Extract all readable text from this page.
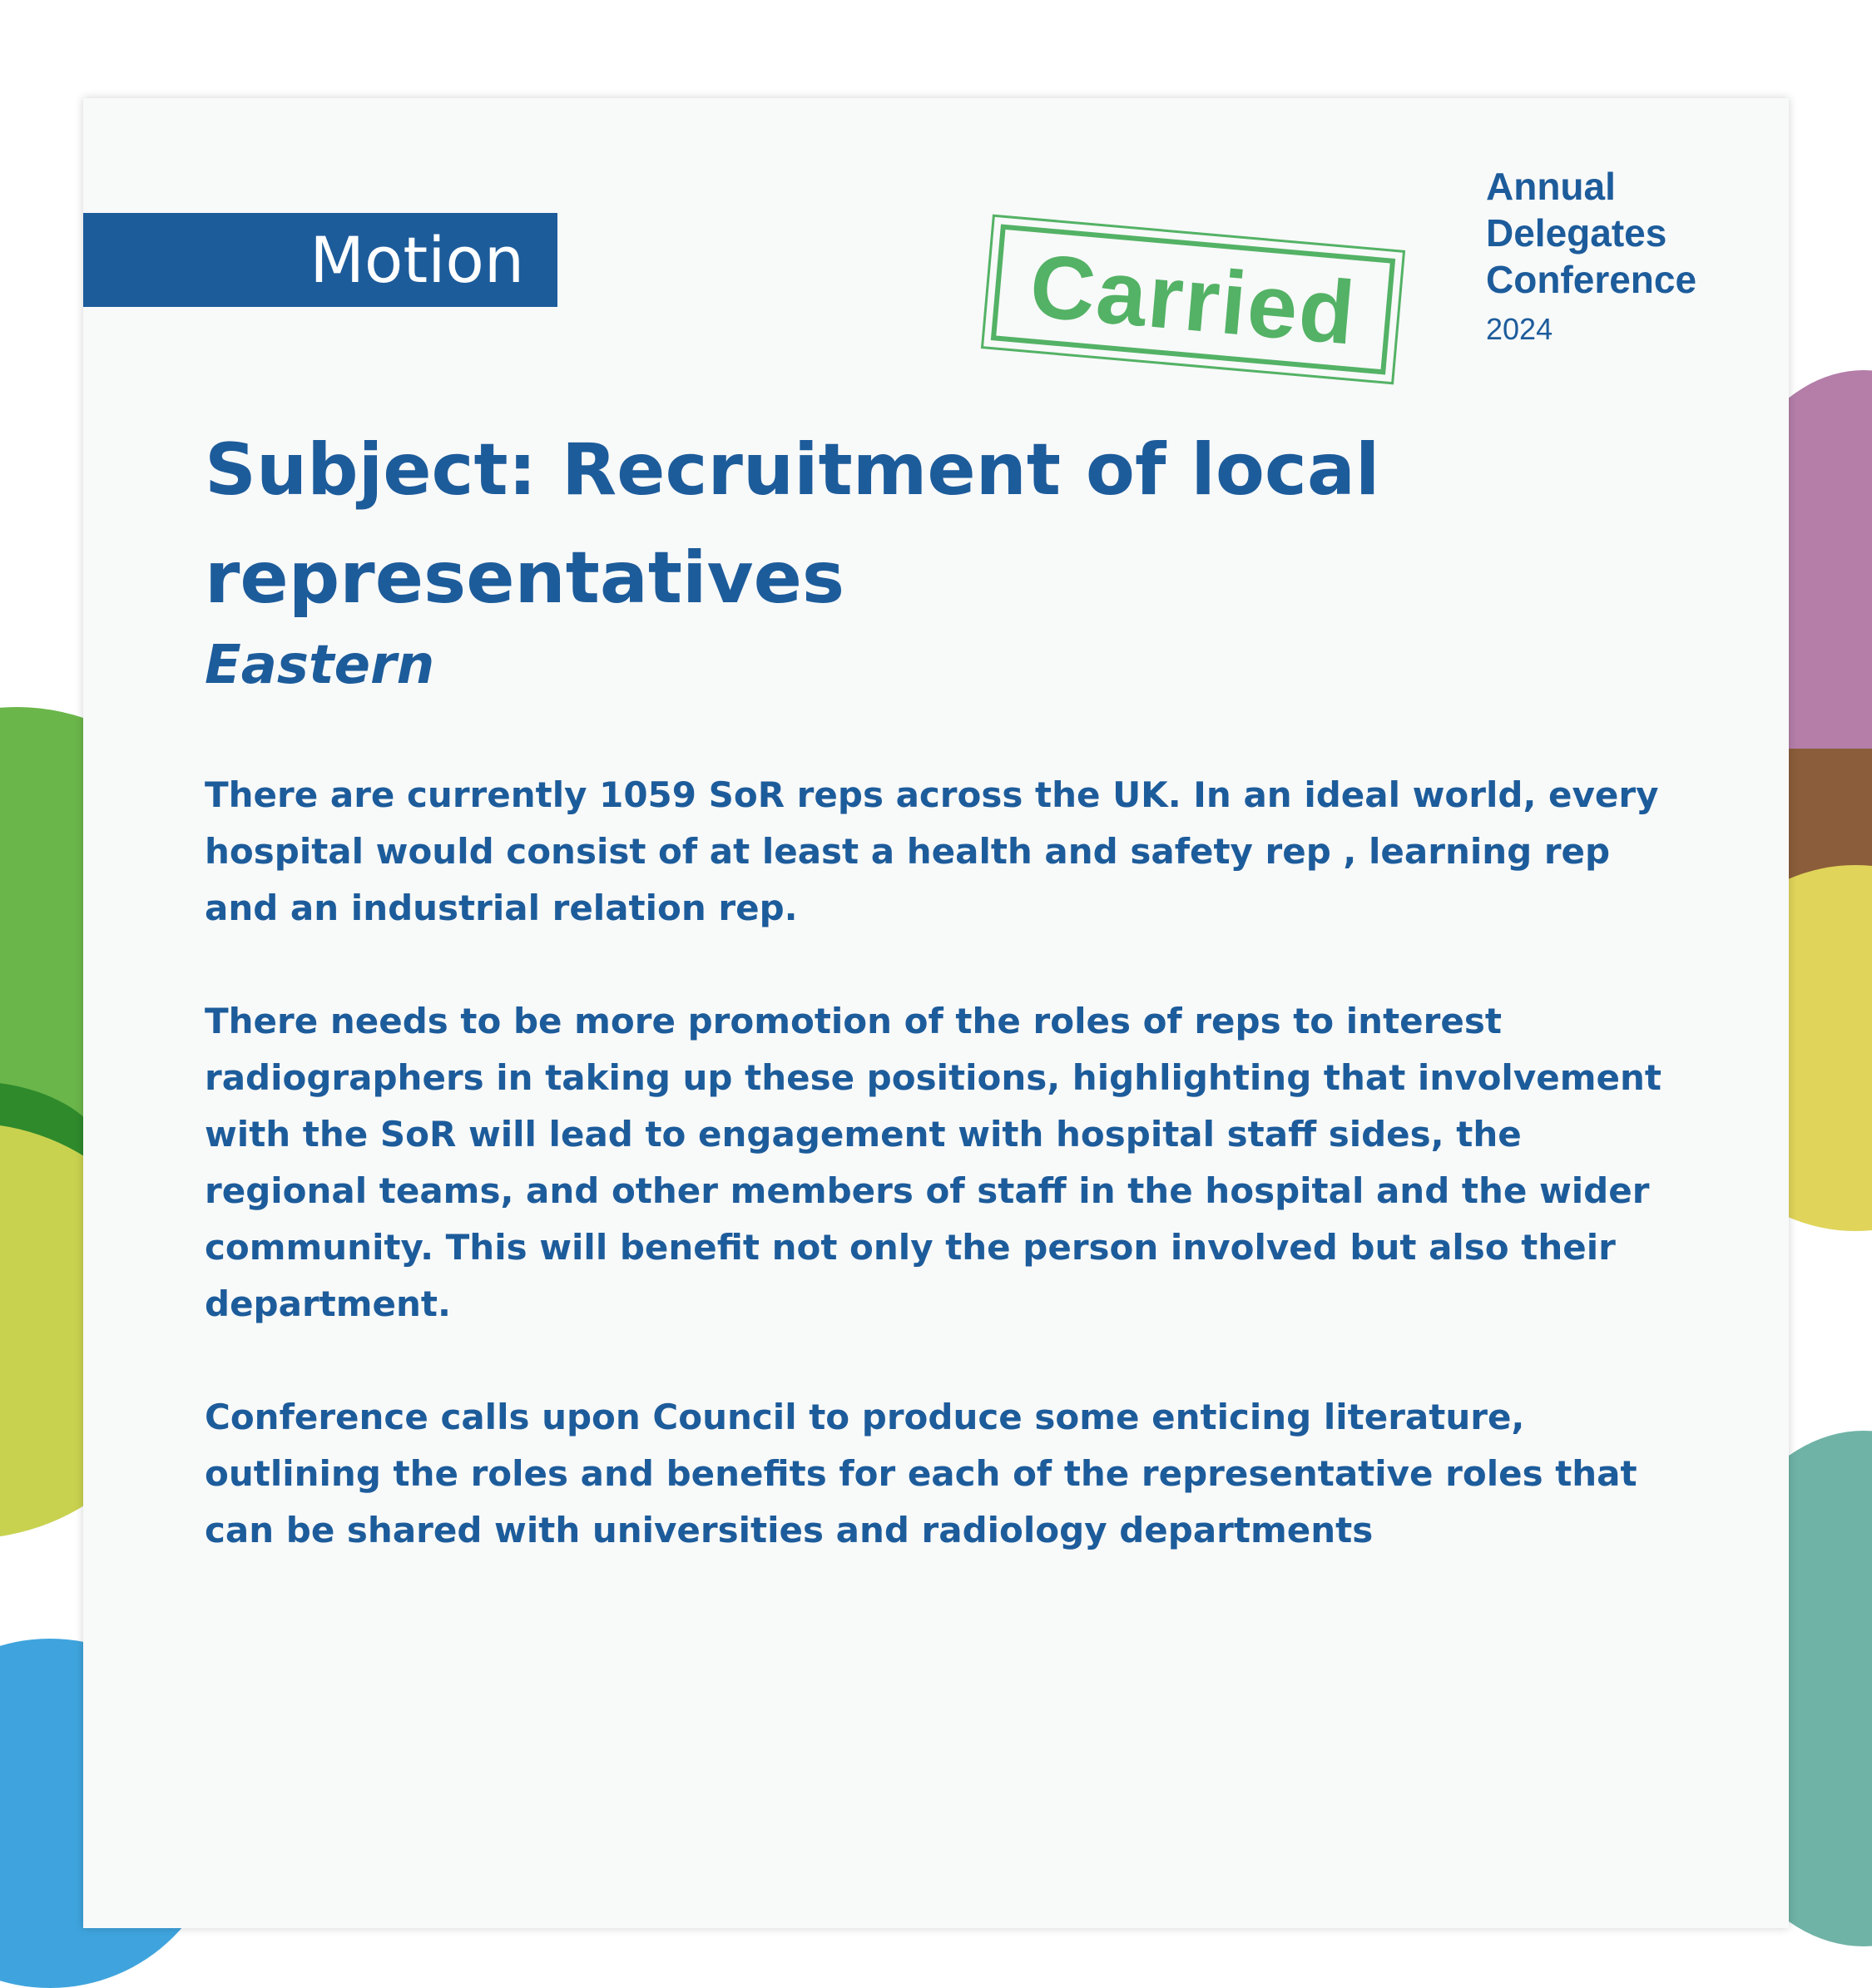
Motion	Carried
Annual
Delegates
Conference
2024
Subject: Recruitment of local representatives
Eastern

There are currently 1059 SoR reps across the UK. In an ideal world, every hospital would consist of at least a health and safety rep , learning rep and an industrial relation rep.

There needs to be more promotion of the roles of reps to interest radiographers in taking up these positions, highlighting that involvement with the SoR will lead to engagement with hospital staff sides, the regional teams, and other members of staff in the hospital and the wider community. This will benefit not only the person involved but also their department.

Conference calls upon Council to produce some enticing literature, outlining the roles and benefits for each of the representative roles that can be shared with universities and radiology departments
